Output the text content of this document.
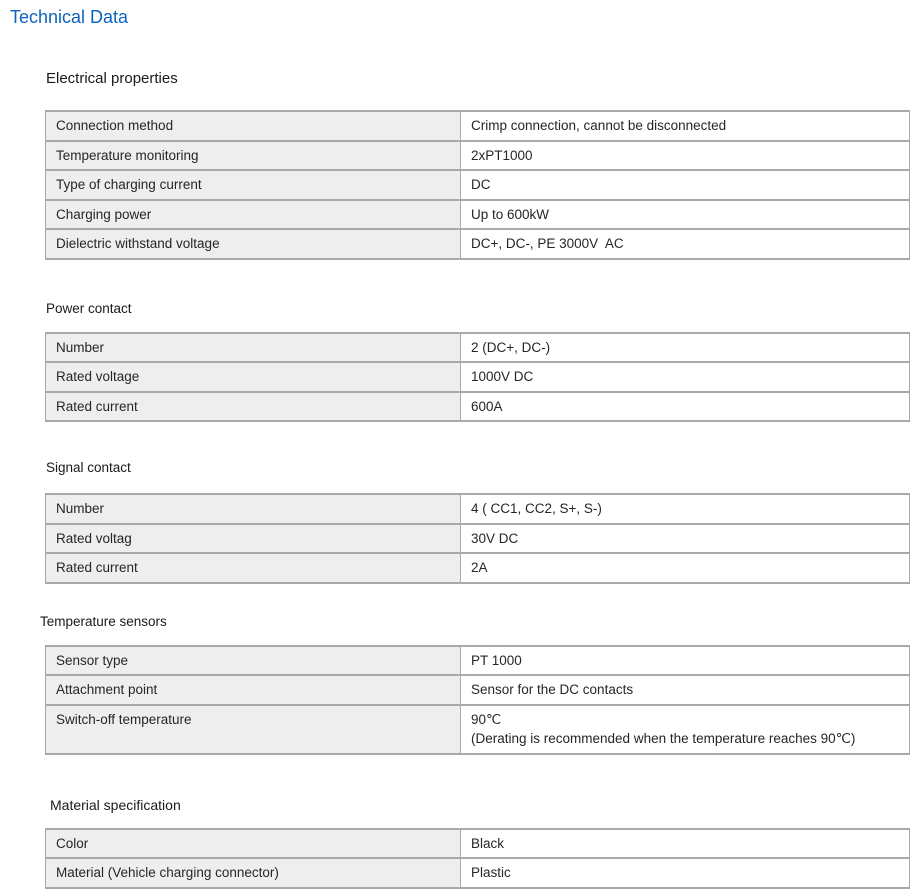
Technical Data
Electrical properties
Connection method	Crimp connection, cannot be disconnected

Temperature monitoring	2xPT1000

Type of charging current	DC

Charging power	Up to 600kW

Dielectric withstand voltage	DC+, DC-, PE 3000V  AC
Power contact
Number	2 (DC+, DC-)

Rated voltage	1000V DC

Rated current	600A
Signal contact
Number	4 ( CC1, CC2, S+, S-)

Rated voltag	30V DC

Rated current	2A
Temperature sensors
Sensor type	PT 1000

Attachment point	Sensor for the DC contacts

Switch-off temperature	90℃
(Derating is recommended when the temperature reaches 90℃)
Material specification
Color	Black

Material (Vehicle charging connector)	Plastic
